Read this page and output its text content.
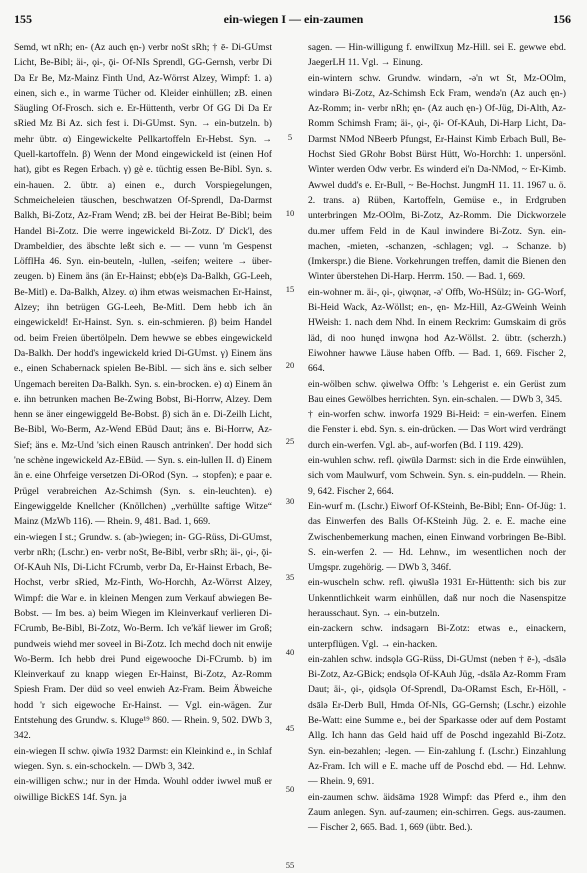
155	ein-wiegen I — ein-zaumen	156

Semd, wt nRh; en- (Az auch ęn-) verbr noSt sRh; † ē- Di-GUmst Licht, Be-Bibl; äi-, ǫi-, ǭi- Of-NIs Sprendl, GG-Gernsh, verbr Di Da Er Be, Mz-Mainz Finth Und, Az-Wörrst Alzey, Wimpf: 1. a) einen, sich e., in warme Tücher od. Kleider einhüllen; zB. einen Säugling Of-Frosch. sich e. Er-Hüttenth, verbr Of GG Di Da Er sRied Mz Bi Az. sich fest i. Di-GUmst. Syn. → ein-butzeln. b) mehr übtr. α) Eingewickelte Pellkartoffeln Er-Hebst. Syn. → Quell-kartoffeln. β) Wenn der Mond eingewickeld ist (einen Hof hat), gibt es Regen Erbach. γ) gè e. tüchtig essen Be-Bibl. Syn. s. ein-hauen. 2. übtr. a) einen e., durch Vorspiegelungen, Schmeicheleien täuschen, beschwatzen Of-Sprendl, Da-Darmst Balkh, Bi-Zotz, Az-Fram Wend; zB. bei der Heirat Be-Bibl; beim Handel Bi-Zotz. Die werre ingewickeld Bi-Zotz. D' Dick'l, des Drambeldier, des äbschte leßt sich e. — — vunn 'm Gespenst LöfflHa 46. Syn. ein-beuteln, -lullen, -seifen; weitere → über-zeugen. b) Einem äns (än Er-Hainst; ebb(e)s Da-Balkh, GG-Leeh, Be-Mitl) e. Da-Balkh, Alzey. α) ihm etwas weismachen Er-Hainst, Alzey; ihn betrügen GG-Leeh, Be-Mitl. Dem hebb ich än eingewickeld! Er-Hainst. Syn. s. ein-schmieren. β) beim Handel od. beim Freien übertölpeln. Dem hewwe se ebbes eingewickeld Da-Balkh. Der hodd's ingewickeld kried Di-GUmst. γ) Einem äns e., einen Schabernack spielen Be-Bibl. — sich äns e. sich selber Ungemach bereiten Da-Balkh. Syn. s. ein-brocken. e) α) Einem än e. ihn betrunken machen Be-Zwing Bobst, Bi-Horrw, Alzey. Dem henn se äner eingewiggeld Be-Bobst. β) sich än e. Di-Zeilh Licht, Be-Bibl, Wo-Berm, Az-Wend EBüd Daut; äns e. Bi-Horrw, Az-Sief; äns e. Mz-Und 'sich einen Rausch antrinken'. Der hodd sich 'ne schène ingewickeld Az-EBüd. — Syn. s. ein-lullen II. d) Einem än e. eine Ohrfeige versetzen Di-ORod (Syn. → stopfen); e paar e. Prügel verabreichen Az-Schimsh (Syn. s. ein-leuchten). e) Eingewiggelde Knellcher (Knöllchen) „verhüllte saftige Witze“ Mainz (MzWb 116). — Rhein. 9, 481. Bad. 1, 669.

ein-wiegen I st.; Grundw. s. (ab-)wiegen; in- GG-Rüss, Di-GUmst, verbr nRh; (Lschr.) en- verbr noSt, Be-Bibl, verbr sRh; äi-, ǫi-, ǭi- Of-KAuh NIs, Di-Licht FCrumb, verbr Da, Er-Hainst Erbach, Be-Hochst, verbr sRied, Mz-Finth, Wo-Horchh, Az-Wörrst Alzey, Wimpf: die War e. in kleinen Mengen zum Verkauf abwiegen Be-Bobst. — Im bes. a) beim Wiegen im Kleinverkauf verlieren Di-FCrumb, Be-Bibl, Bi-Zotz, Wo-Berm. Ich ve'käf liewer im Groß; pundweis wiehd mer soveel in Bi-Zotz. Ich mechd doch nit enwije Wo-Berm. Ich hebb drei Pund eigewooche Di-FCrumb. b) im Kleinverkauf zu knapp wiegen Er-Hainst, Bi-Zotz, Az-Romm Spiesh Fram. Der düd so veel enwieh Az-Fram. Beim Äbweiche hodd 'r sich eigewoche Er-Hainst. — Vgl. ein-wägen. Zur Entstehung des Grundw. s. Kluge¹⁹ 860. — Rhein. 9, 502. DWb 3, 342.

ein-wiegen II schw. ǫiwīǝ 1932 Darmst: ein Kleinkind e., in Schlaf wiegen. Syn. s. ein-schockeln. — DWb 3, 342.

ein-willigen schw.; nur in der Hmda. Wouhl odder iwwel muß er oiwillige BickES 14f. Syn. ja

5
10
15
20
25
30
35
40
45
50
55

sagen. — Hin-willigung f. enwilīxuŋ Mz-Hill. sei E. gewwe ebd. JaegerLH 11. Vgl. → Einung.

ein-wintern schw. Grundw. windǝrn, -ǝ'n wt St, Mz-OOlm, windǝrǝ Bi-Zotz, Az-Schimsh Eck Fram, wendǝ'n (Az auch ęn-) Az-Romm; in- verbr nRh; ęn- (Az auch ęn-) Of-Jüg, Di-Alth, Az-Romm Schimsh Fram; äi-, ǫi-, ǭi- Of-KAuh, Di-Harp Licht, Da-Darmst NMod NBeerb Pfungst, Er-Hainst Kimb Erbach Bull, Be-Hochst Sied GRohr Bobst Bürst Hütt, Wo-Horchh: 1. unpersönl. Winter werden Odw verbr. Es winderd ei'n Da-NMod, ~ Er-Kimb. Awwel dudd's e. Er-Bull, ~ Be-Hochst. JungmH 11. 11. 1967 u. ö. 2. trans. a) Rüben, Kartoffeln, Gemüse e., in Erdgruben unterbringen Mz-OOlm, Bi-Zotz, Az-Romm. Die Dickworzele du.mer uffem Feld in de Kaul inwindere Bi-Zotz. Syn. ein-machen, -mieten, -schanzen, -schlagen; vgl. → Schanze. b) (Imkerspr.) die Biene. Vorkehrungen treffen, damit die Bienen den Winter überstehen Di-Harp. Herrm. 150. — Bad. 1, 669.

ein-wohner m. äi-, ǫi-, ǫiwǫnǝr, -ǝ' Offb, Wo-HSülz; in- GG-Worf, Bi-Heid Wack, Az-Wöllst; en-, ęn- Mz-Hill, Az-GWeinh Weinh HWeish: 1. nach dem Nhd. In einem Reckrim: Gumskaim di grös läd, di noo hunęd inwǫnǝ hod Az-Wöllst. 2. übtr. (scherzh.) Eiwohner hawwe Läuse haben Offb. — Bad. 1, 669. Fischer 2, 664.

ein-wölben schw. ǫiwelwǝ Offb: 's Lehgerist e. ein Gerüst zum Bau eines Gewölbes herrichten. Syn. ein-schalen. — DWb 3, 345.

† ein-worfen schw. inworfǝ 1929 Bi-Heid: = ein-werfen. Einem die Fenster i. ebd. Syn. s. ein-drücken. — Das Wort wird verdrängt durch ein-werfen. Vgl. ab-, auf-worfen (Bd. I 119. 429).

ein-wuhlen schw. refl. ǫiwūlǝ Darmst: sich in die Erde einwühlen, sich vom Maulwurf, vom Schwein. Syn. s. ein-puddeln. — Rhein. 9, 642. Fischer 2, 664.

Ein-wurf m. (Lschr.) Eiworf Of-KSteinh, Be-Bibl; Enn- Of-Jüg: 1. das Einwerfen des Balls Of-KSteinh Jüg. 2. e. E. mache eine Zwischenbemerkung machen, einen Einwand vorbringen Be-Bibl. S. ein-werfen 2. — Hd. Lehnw., im wesentlichen noch der Umgspr. zugehörig. — DWb 3, 346f.

ein-wuscheln schw. refl. ǫiwušlǝ 1931 Er-Hüttenth: sich bis zur Unkenntlichkeit warm einhüllen, daß nur noch die Nasenspitze herausschaut. Syn. → ein-butzeln.

ein-zackern schw. indsagǝrn Bi-Zotz: etwas e., einackern, unterpflügen. Vgl. → ein-hacken.

ein-zahlen schw. indsǫlǝ GG-Rüss, Di-GUmst (neben † ē-), -dsālǝ Bi-Zotz, Az-GBick; endsǫlǝ Of-KAuh Jüg, -dsālǝ Az-Romm Fram Daut; äi-, ǫi-, ǫidsǫlǝ Of-Sprendl, Da-ORamst Esch, Er-Höll, -dsālǝ Er-Derb Bull, Hmda Of-NIs, GG-Gernsh; (Lschr.) eizohle Be-Watt: eine Summe e., bei der Sparkasse oder auf dem Postamt Allg. Ich hann das Geld haid uff de Poschd ingezahld Bi-Zotz. Syn. ein-bezahlen; -legen. — Ein-zahlung f. (Lschr.) Einzahlung Az-Fram. Ich will e E. mache uff de Poschd ebd. — Hd. Lehnw. — Rhein. 9, 691.

ein-zaumen schw. äidsāmǝ 1928 Wimpf: das Pferd e., ihm den Zaum anlegen. Syn. auf-zaumen; ein-schirren. Gegs. aus-zaumen. — Fischer 2, 665. Bad. 1, 669 (übtr. Bed.).
